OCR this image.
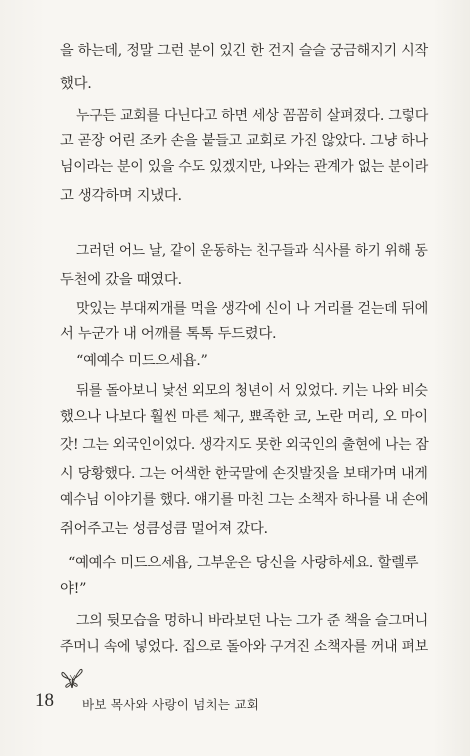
을 하는데, 정말 그런 분이 있긴 한 건지 슬슬 궁금해지기 시작
했다.
누구든 교회를 다닌다고 하면 세상 꼼꼼히 살펴졌다. 그렇다
고 곧장 어린 조카 손을 붙들고 교회로 가진 않았다. 그냥 하나
님이라는 분이 있을 수도 있겠지만, 나와는 관계가 없는 분이라
고 생각하며 지냈다.
그러던 어느 날, 같이 운동하는 친구들과 식사를 하기 위해 동
두천에 갔을 때였다.
맛있는 부대찌개를 먹을 생각에 신이 나 거리를 걷는데 뒤에
서 누군가 내 어깨를 톡톡 두드렸다.
“예예수 미드으세욥.”
뒤를 돌아보니 낯선 외모의 청년이 서 있었다. 키는 나와 비슷
했으나 나보다 훨씬 마른 체구, 뾰족한 코, 노란 머리, 오 마이
갓! 그는 외국인이었다. 생각지도 못한 외국인의 출현에 나는 잠
시 당황했다. 그는 어색한 한국말에 손짓발짓을 보태가며 내게
예수님 이야기를 했다. 얘기를 마친 그는 소책자 하나를 내 손에
쥐어주고는 성큼성큼 멀어져 갔다.
“예예수 미드으세욥, 그부운은 당신을 사랑하세요. 할렐루
야!”
그의 뒷모습을 멍하니 바라보던 나는 그가 준 책을 슬그머니
주머니 속에 넣었다. 집으로 돌아와 구겨진 소책자를 꺼내 펴보
18 바보 목사와 사랑이 넘치는 교회
